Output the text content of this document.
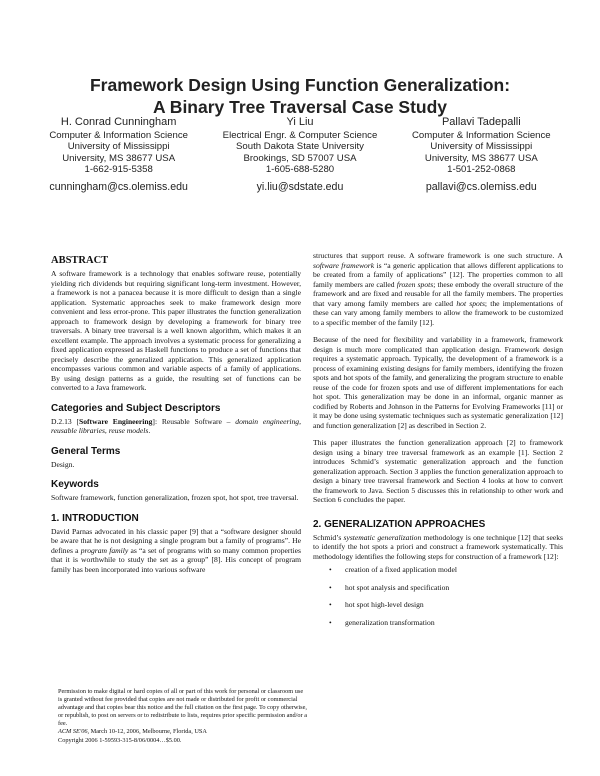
Framework Design Using Function Generalization:
A Binary Tree Traversal Case Study
H. Conrad Cunningham
Computer & Information Science
University of Mississippi
University, MS 38677 USA
1-662-915-5358
cunningham@cs.olemiss.edu
Yi Liu
Electrical Engr. & Computer Science
South Dakota State University
Brookings, SD 57007 USA
1-605-688-5280
yi.liu@sdstate.edu
Pallavi Tadepalli
Computer & Information Science
University of Mississippi
University, MS 38677 USA
1-501-252-0868
pallavi@cs.olemiss.edu
ABSTRACT

A software framework is a technology that enables software reuse, potentially yielding rich dividends but requiring significant long-term investment. However, a framework is not a panacea because it is more difficult to design than a single application. Systematic approaches seek to make framework design more convenient and less error-prone. This paper illustrates the function generalization approach to framework design by developing a framework for binary tree traversals. A binary tree traversal is a well known algorithm, which makes it an excellent example. The approach involves a systematic process for generalizing a fixed application expressed as Haskell functions to produce a set of functions that precisely describe the generalized application. This generalized application encompasses various common and variable aspects of a family of applications. By using design patterns as a guide, the resulting set of functions can be converted to a Java framework.

Categories and Subject Descriptors

D.2.13 [Software Engineering]: Reusable Software – domain engineering, reusable libraries, reuse models.

General Terms

Design.

Keywords

Software framework, function generalization, frozen spot, hot spot, tree traversal.

1. INTRODUCTION

David Parnas advocated in his classic paper [9] that a “software designer should be aware that he is not designing a single program but a family of programs”. He defines a program family as “a set of programs with so many common properties that it is worthwhile to study the set as a group” [8]. His concept of program family has been incorporated into various software

Permission to make digital or hard copies of all or part of this work for personal or classroom use is granted without fee provided that copies are not made or distributed for profit or commercial advantage and that copies bear this notice and the full citation on the first page. To copy otherwise, or republish, to post on servers or to redistribute to lists, requires prior specific permission and/or a fee.
ACM SE'06, March 10-12, 2006, Melbourne, Florida, USA
Copyright 2006 1-59593-315-8/06/0004…$5.00.

structures that support reuse. A software framework is one such structure. A software framework is “a generic application that allows different applications to be created from a family of applications” [12]. The properties common to all family members are called frozen spots; these embody the overall structure of the framework and are fixed and reusable for all the family members. The properties that vary among family members are called hot spots; the implementations of these can vary among family members to allow the framework to be customized to a specific member of the family [12].

Because of the need for flexibility and variability in a framework, framework design is much more complicated than application design. Framework design requires a systematic approach. Typically, the development of a framework is a process of examining existing designs for family members, identifying the frozen spots and hot spots of the family, and generalizing the program structure to enable reuse of the code for frozen spots and use of different implementations for each hot spot. This generalization may be done in an informal, organic manner as codified by Roberts and Johnson in the Patterns for Evolving Frameworks [11] or it may be done using systematic techniques such as systematic generalization [12] and function generalization [2] as described in Section 2.

This paper illustrates the function generalization approach [2] to framework design using a binary tree traversal framework as an example [1]. Section 2 introduces Schmid’s systematic generalization approach and the function generalization approach. Section 3 applies the function generalization approach to design a binary tree traversal framework and Section 4 looks at how to convert the framework to Java. Section 5 discusses this in relationship to other work and Section 6 concludes the paper.

2. GENERALIZATION APPROACHES

Schmid’s systematic generalization methodology is one technique [12] that seeks to identify the hot spots a priori and construct a framework systematically. This methodology identifies the following steps for construction of a framework [12]:

• creation of a fixed application model
• hot spot analysis and specification
• hot spot high-level design
• generalization transformation
